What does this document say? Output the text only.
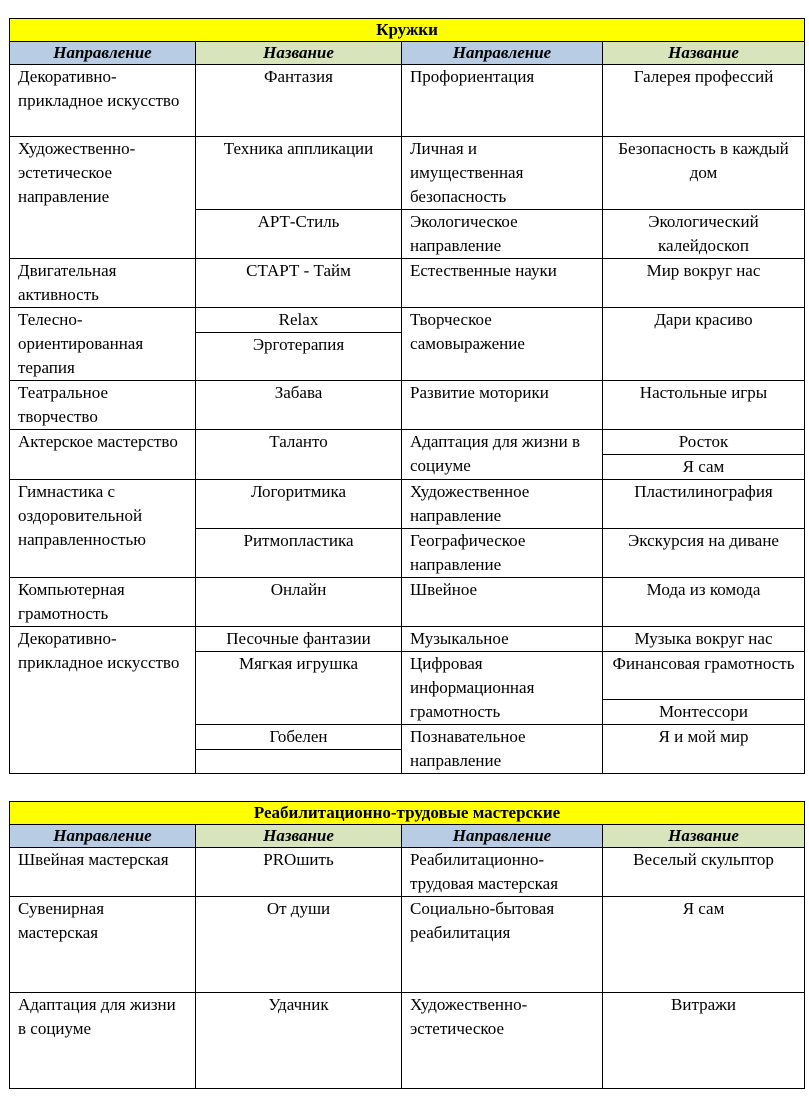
Кружки			
Направление	Название	Направление	Название
Декоративно-прикладное искусство	Фантазия	Профориентация	Галерея профессий
Художественно-эстетическое направление	Техника аппликации	Личная и имущественная безопасность	Безопасность в каждый дом
	АРТ-Стиль	Экологическое направление	Экологический калейдоскоп
Двигательная активность	СТАРТ - Тайм	Естественные науки	Мир вокруг нас
Телесно-ориентированная терапия	Relax	Творческое самовыражение	Дари красиво
	Эрготерапия		
Театральное творчество	Забава	Развитие моторики	Настольные игры
Актерское мастерство	Таланто	Адаптация для жизни в социуме	Росток
			Я сам
Гимнастика с оздоровительной направленностью	Логоритмика	Художественное направление	Пластилинография
	Ритмопластика	Географическое направление	Экскурсия на диване
Компьютерная грамотность	Онлайн	Швейное	Мода из комода
Декоративно-прикладное искусство	Песочные фантазии	Музыкальное	Музыка вокруг нас
	Мягкая игрушка	Цифровая информационная грамотность	Финансовая грамотность
			Монтессори
	Гобелен	Познавательное направление	Я и мой мир

Реабилитационно-трудовые мастерские			
Направление	Название	Направление	Название
Швейная мастерская	PROшить	Реабилитационно-трудовая мастерская	Веселый скульптор
Сувенирная мастерская	От души	Социально-бытовая реабилитация	Я сам
Адаптация для жизни в социуме	Удачник	Художественно-эстетическое	Витражи
